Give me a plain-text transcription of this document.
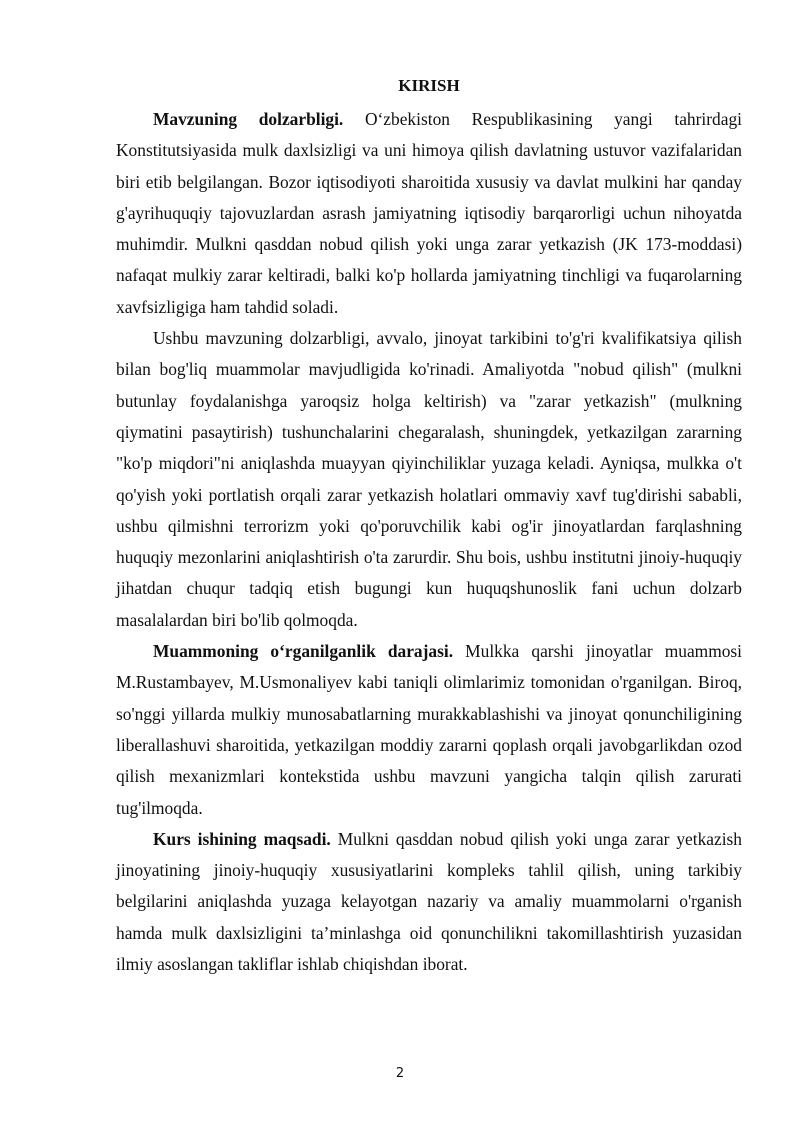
KIRISH

Mavzuning dolzarbligi. O‘zbekiston Respublikasining yangi tahrirdagi Konstitutsiyasida mulk daxlsizligi va uni himoya qilish davlatning ustuvor vazifalaridan biri etib belgilangan. Bozor iqtisodiyoti sharoitida xususiy va davlat mulkini har qanday g'ayrihuquqiy tajovuzlardan asrash jamiyatning iqtisodiy barqarorligi uchun nihoyatda muhimdir. Mulkni qasddan nobud qilish yoki unga zarar yetkazish (JK 173-moddasi) nafaqat mulkiy zarar keltiradi, balki ko'p hollarda jamiyatning tinchligi va fuqarolarning xavfsizligiga ham tahdid soladi.

Ushbu mavzuning dolzarbligi, avvalo, jinoyat tarkibini to'g'ri kvalifikatsiya qilish bilan bog'liq muammolar mavjudligida ko'rinadi. Amaliyotda "nobud qilish" (mulkni butunlay foydalanishga yaroqsiz holga keltirish) va "zarar yetkazish" (mulkning qiymatini pasaytirish) tushunchalarini chegaralash, shuningdek, yetkazilgan zararning "ko'p miqdori"ni aniqlashda muayyan qiyinchiliklar yuzaga keladi. Ayniqsa, mulkka o't qo'yish yoki portlatish orqali zarar yetkazish holatlari ommaviy xavf tug'dirishi sababli, ushbu qilmishni terrorizm yoki qo'poruvchilik kabi og'ir jinoyatlardan farqlashning huquqiy mezonlarini aniqlashtirish o'ta zarurdir. Shu bois, ushbu institutni jinoiy-huquqiy jihatdan chuqur tadqiq etish bugungi kun huquqshunoslik fani uchun dolzarb masalalardan biri bo'lib qolmoqda.

Muammoning o‘rganilganlik darajasi. Mulkka qarshi jinoyatlar muammosi M.Rustambayev, M.Usmonaliyev kabi taniqli olimlarimiz tomonidan o'rganilgan. Biroq, so'nggi yillarda mulkiy munosabatlarning murakkablashishi va jinoyat qonunchiligining liberallashuvi sharoitida, yetkazilgan moddiy zararni qoplash orqali javobgarlikdan ozod qilish mexanizmlari kontekstida ushbu mavzuni yangicha talqin qilish zarurati tug'ilmoqda.

Kurs ishining maqsadi. Mulkni qasddan nobud qilish yoki unga zarar yetkazish jinoyatining jinoiy-huquqiy xususiyatlarini kompleks tahlil qilish, uning tarkibiy belgilarini aniqlashda yuzaga kelayotgan nazariy va amaliy muammolarni o'rganish hamda mulk daxlsizligini ta’minlashga oid qonunchilikni takomillashtirish yuzasidan ilmiy asoslangan takliflar ishlab chiqishdan iborat.

2
